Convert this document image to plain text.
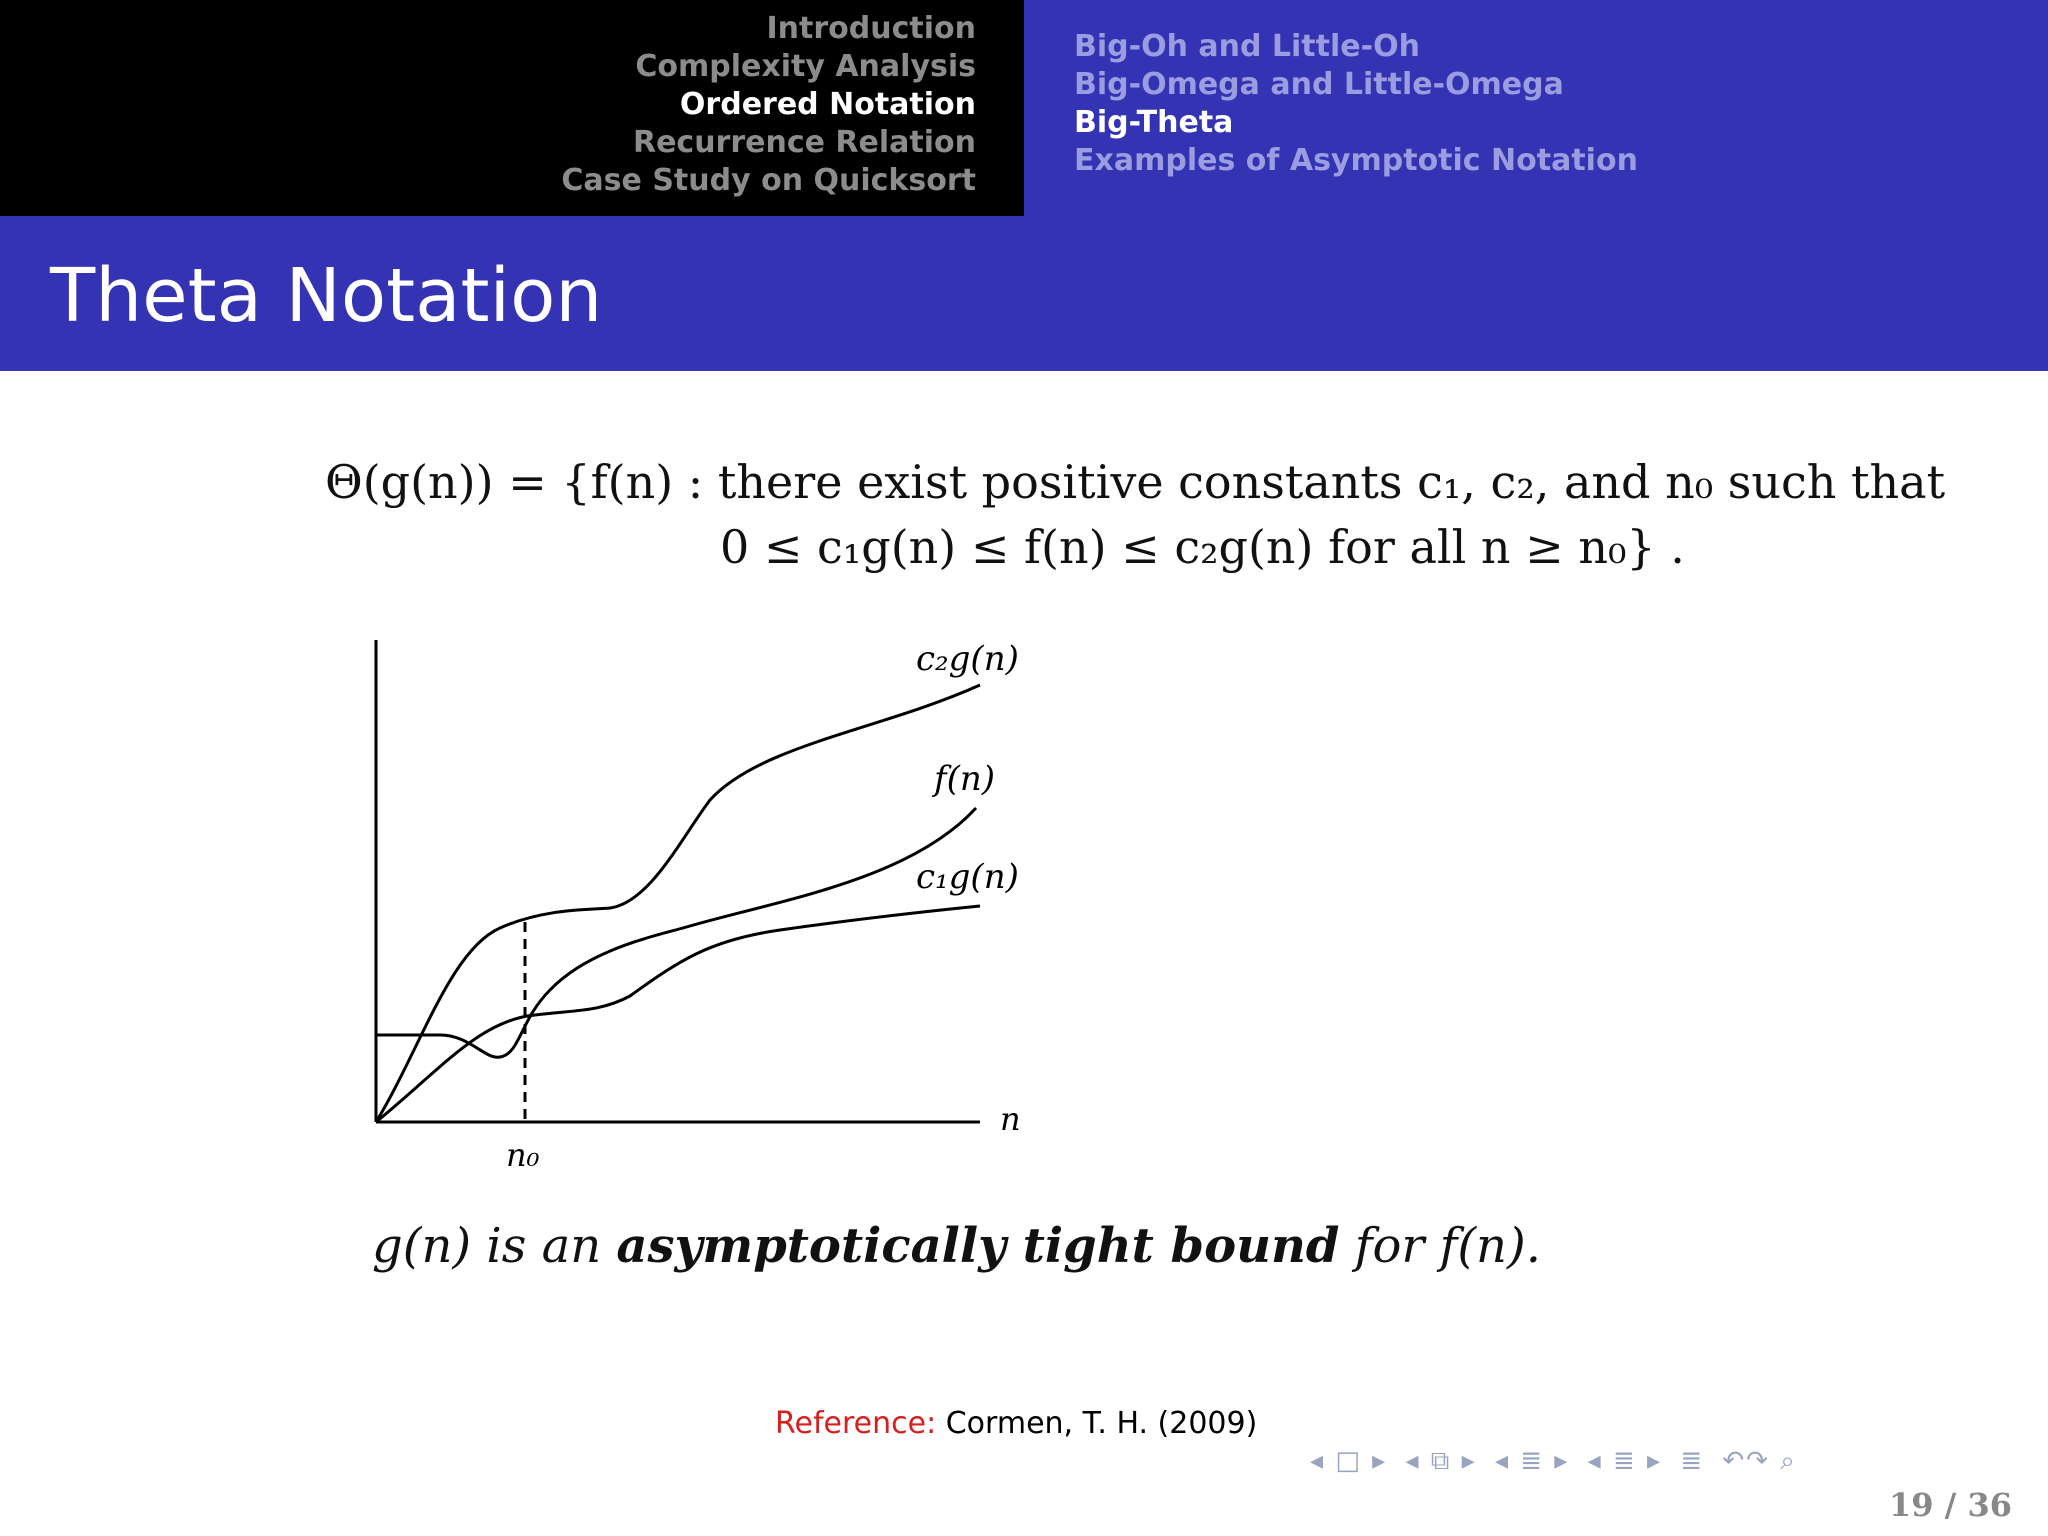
Introduction
Complexity Analysis
Ordered Notation
Recurrence Relation
Case Study on Quicksort
Big-Oh and Little-Oh
Big-Omega and Little-Omega
Big-Theta
Examples of Asymptotic Notation
Theta Notation
Θ(g(n)) = {f(n) : there exist positive constants c₁, c₂, and n₀ such that
0 ≤ c₁g(n) ≤ f(n) ≤ c₂g(n) for all n ≥ n₀} .
c₂g(n)
f(n)
c₁g(n)
n
n₀
g(n) is an asymptotically tight bound for f(n).
Reference: Cormen, T. H. (2009)
◂ □ ▸ ◂ ⧉ ▸ ◂ ≣ ▸ ◂ ≣ ▸ ≣ ↶↷ ⌕
19 / 36
